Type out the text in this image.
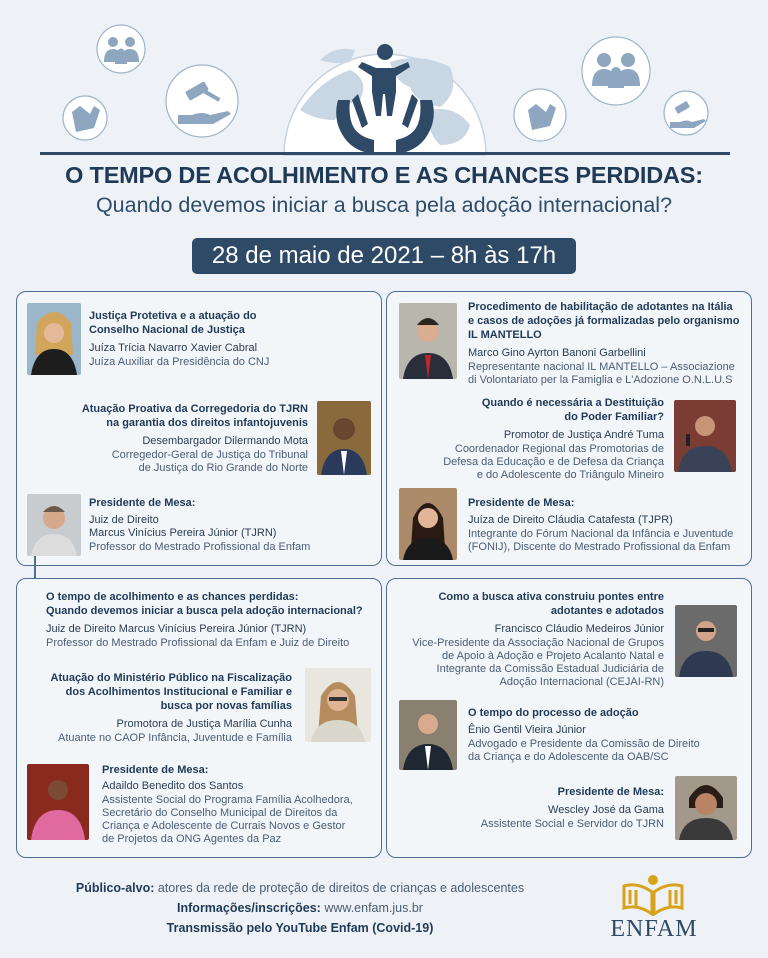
O TEMPO DE ACOLHIMENTO E AS CHANCES PERDIDAS:
Quando devemos iniciar a busca pela adoção internacional?
28 de maio de 2021 – 8h às 17h
Justiça Protetiva e a atuação do
Conselho Nacional de Justiça
Juíza Trícia Navarro Xavier Cabral
Juíza Auxiliar da Presidência do CNJ
Atuação Proativa da Corregedoria do TJRN
na garantia dos direitos infantojuvenis
Desembargador Dilermando Mota
Corregedor-Geral de Justiça do Tribunal
de Justiça do Rio Grande do Norte
Presidente de Mesa:
Juiz de Direito
Marcus Vinícius Pereira Júnior (TJRN)
Professor do Mestrado Profissional da Enfam
Procedimento de habilitação de adotantes na Itália
e casos de adoções já formalizadas pelo organismo
IL MANTELLO
Marco Gino Ayrton Banoni Garbellini
Representante nacional IL MANTELLO – Associazione
di Volontariato per la Famiglia e L'Adozione O.N.L.U.S
Quando é necessária a Destituição
do Poder Familiar?
Promotor de Justiça André Tuma
Coordenador Regional das Promotorias de
Defesa da Educação e de Defesa da Criança
e do Adolescente do Triângulo Mineiro
Presidente de Mesa:
Juíza de Direito Cláudia Catafesta (TJPR)
Integrante do Fórum Nacional da Infância e Juventude
(FONIJ), Discente do Mestrado Profissional da Enfam
O tempo de acolhimento e as chances perdidas:
Quando devemos iniciar a busca pela adoção internacional?
Juiz de Direito Marcus Vinícius Pereira Júnior (TJRN)
Professor do Mestrado Profissional da Enfam e Juiz de Direito
Atuação do Ministério Público na Fiscalização
dos Acolhimentos Institucional e Familiar e
busca por novas famílias
Promotora de Justiça Marília Cunha
Atuante no CAOP Infância, Juventude e Família
Presidente de Mesa:
Adaildo Benedito dos Santos
Assistente Social do Programa Família Acolhedora,
Secretário do Conselho Municipal de Direitos da
Criança e Adolescente de Currais Novos e Gestor
de Projetos da ONG Agentes da Paz
Como a busca ativa construiu pontes entre
adotantes e adotados
Francisco Cláudio Medeiros Júnior
Vice-Presidente da Associação Nacional de Grupos
de Apoio à Adoção e Projeto Acalanto Natal e
Integrante da Comissão Estadual Judiciária de
Adoção Internacional (CEJAI-RN)
O tempo do processo de adoção
Ênio Gentil Vieira Júnior
Advogado e Presidente da Comissão de Direito
da Criança e do Adolescente da OAB/SC
Presidente de Mesa:
Wescley José da Gama
Assistente Social e Servidor do TJRN
Público-alvo: atores da rede de proteção de direitos de crianças e adolescentes
Informações/inscrições: www.enfam.jus.br
Transmissão pelo YouTube Enfam (Covid-19)	ENFAM
